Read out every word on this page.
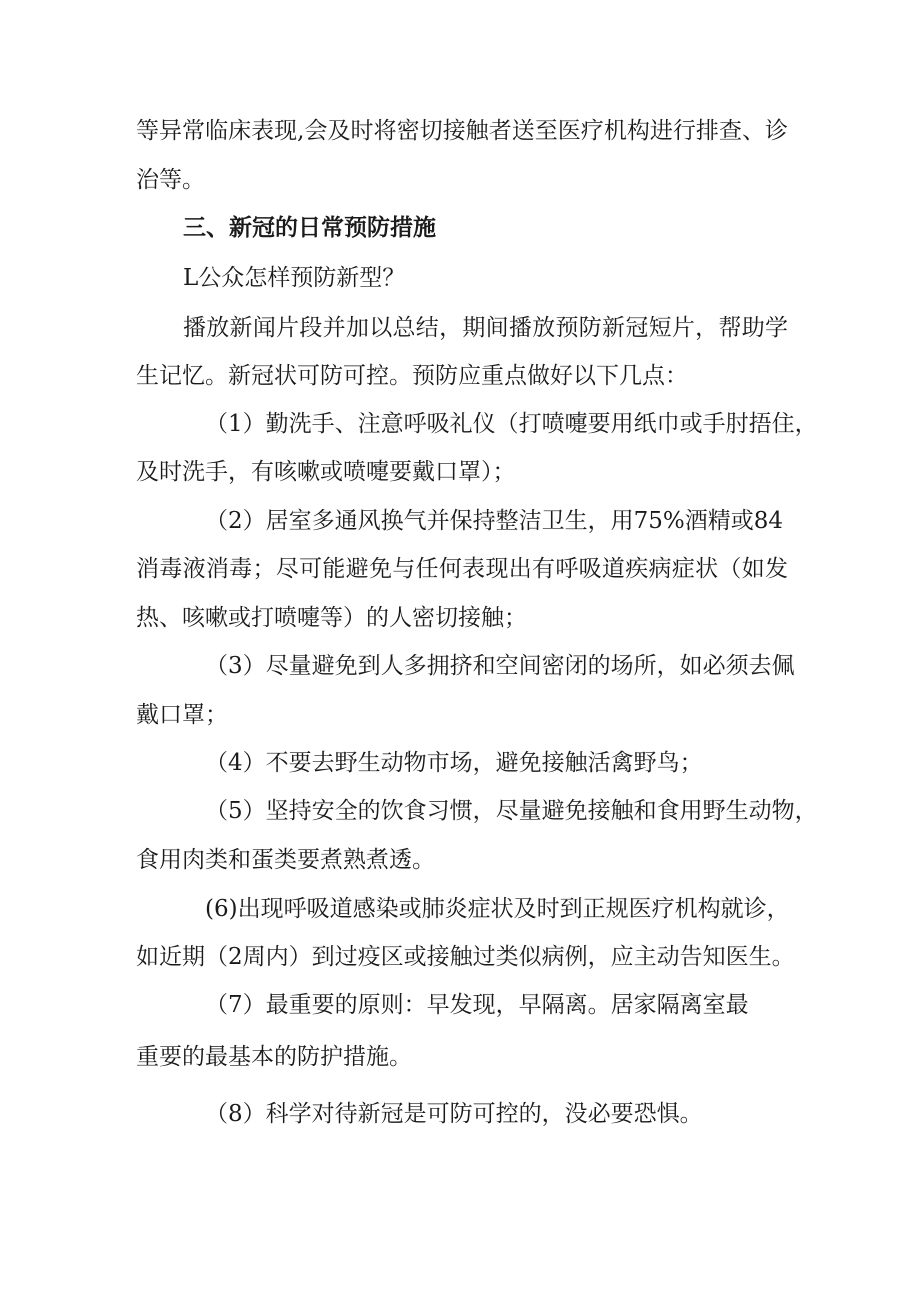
等异常临床表现,会及时将密切接触者送至医疗机构进行排查、诊
治等。
三、新冠的日常预防措施
L公众怎样预防新型？
播放新闻片段并加以总结，期间播放预防新冠短片，帮助学
生记忆。新冠状可防可控。预防应重点做好以下几点：
（1）勤洗手、注意呼吸礼仪（打喷嚏要用纸巾或手肘捂住，
及时洗手，有咳嗽或喷嚏要戴口罩）；
（2）居室多通风换气并保持整洁卫生，用75%酒精或84
消毒液消毒；尽可能避免与任何表现出有呼吸道疾病症状（如发
热、咳嗽或打喷嚏等）的人密切接触；
（3）尽量避免到人多拥挤和空间密闭的场所，如必须去佩
戴口罩；
（4）不要去野生动物市场，避免接触活禽野鸟；
（5）坚持安全的饮食习惯，尽量避免接触和食用野生动物，
食用肉类和蛋类要煮熟煮透。
(6)出现呼吸道感染或肺炎症状及时到正规医疗机构就诊，
如近期（2周内）到过疫区或接触过类似病例，应主动告知医生。
（7）最重要的原则：早发现，早隔离。居家隔离室最
重要的最基本的防护措施。
（8）科学对待新冠是可防可控的，没必要恐惧。
